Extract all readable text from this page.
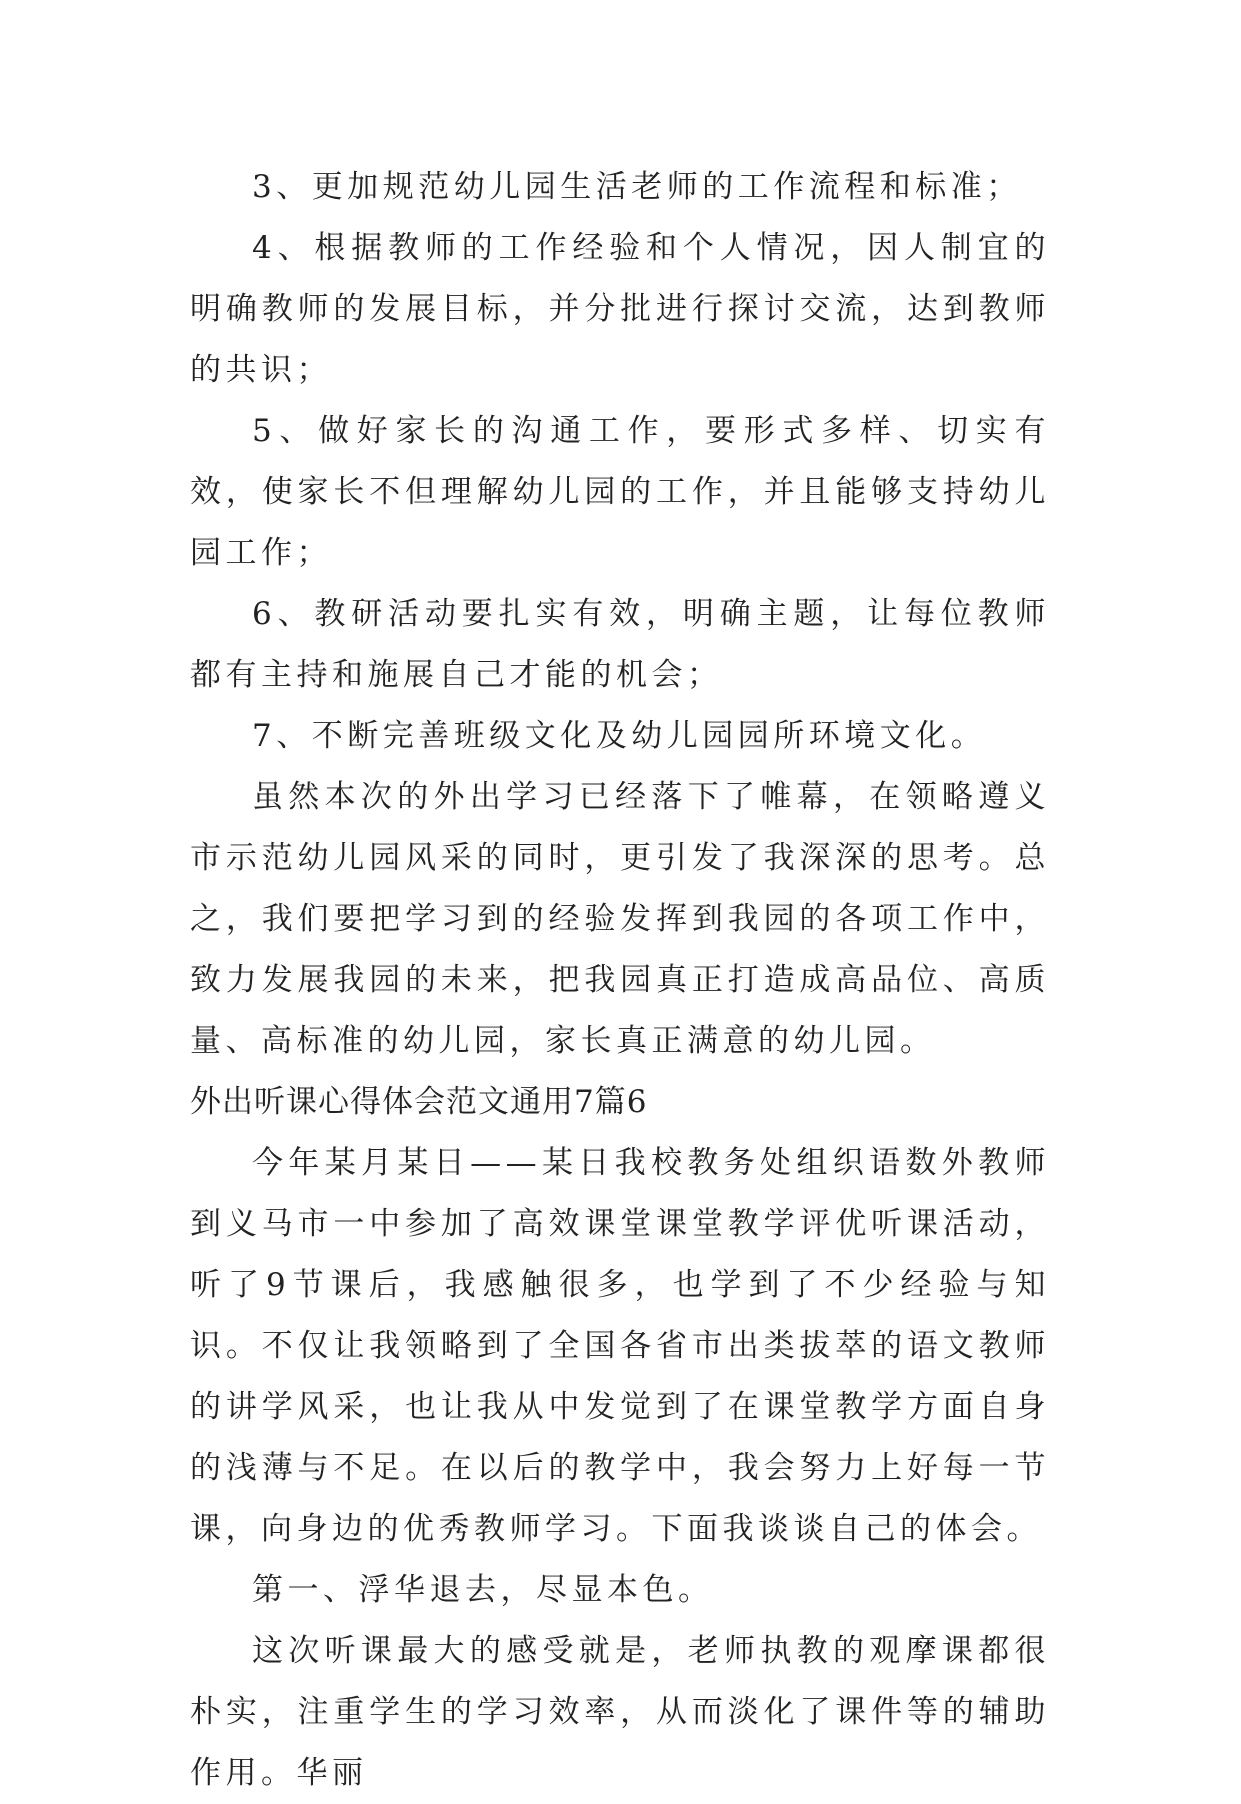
3、更加规范幼儿园生活老师的工作流程和标准；

4、根据教师的工作经验和个人情况，因人制宜的明确教师的发展目标，并分批进行探讨交流，达到教师的共识；

5、做好家长的沟通工作，要形式多样、切实有效，使家长不但理解幼儿园的工作，并且能够支持幼儿园工作；

6、教研活动要扎实有效，明确主题，让每位教师都有主持和施展自己才能的机会；

7、不断完善班级文化及幼儿园园所环境文化。

虽然本次的外出学习已经落下了帷幕，在领略遵义市示范幼儿园风采的同时，更引发了我深深的思考。总之，我们要把学习到的经验发挥到我园的各项工作中，致力发展我园的未来，把我园真正打造成高品位、高质量、高标准的幼儿园，家长真正满意的幼儿园。

外出听课心得体会范文通用7篇6

今年某月某日——某日我校教务处组织语数外教师到义马市一中参加了高效课堂课堂教学评优听课活动，听了9节课后，我感触很多，也学到了不少经验与知识。不仅让我领略到了全国各省市出类拔萃的语文教师的讲学风采，也让我从中发觉到了在课堂教学方面自身的浅薄与不足。在以后的教学中，我会努力上好每一节课，向身边的优秀教师学习。下面我谈谈自己的体会。

第一、浮华退去，尽显本色。

这次听课最大的感受就是，老师执教的观摩课都很朴实，注重学生的学习效率，从而淡化了课件等的辅助作用。华丽
